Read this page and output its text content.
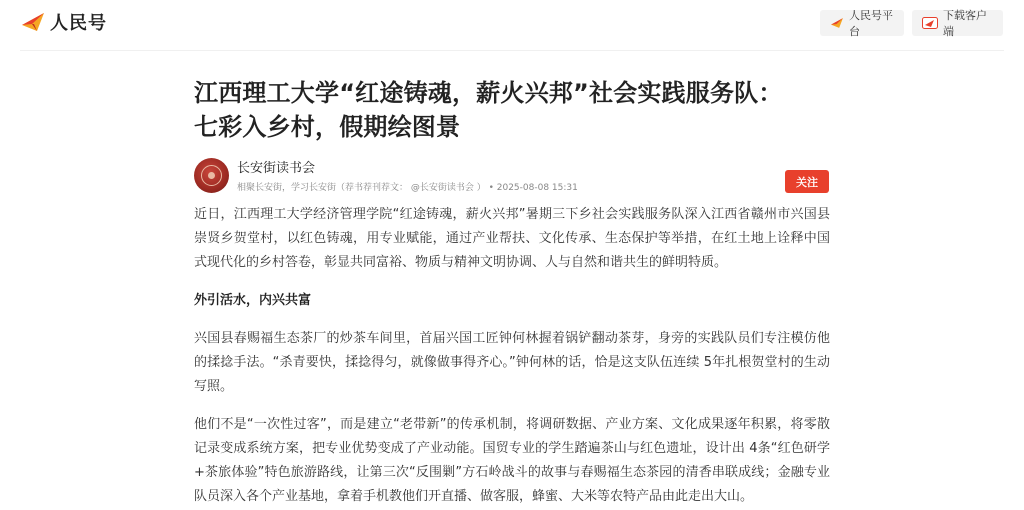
人民号	人民号平台
下载客户端
江西理工大学“红途铸魂，薪火兴邦”社会实践服务队：
七彩入乡村，假期绘图景
长安街读书会
相聚长安街，学习长安街（荐书荐刊荐文： @长安街读书会 ） • 2025-08-08 15:31	关注

近日，江西理工大学经济管理学院“红途铸魂，薪火兴邦”暑期三下乡社会实践服务队深入江西省赣州市兴国县崇贤乡贺堂村，以红色铸魂，用专业赋能，通过产业帮扶、文化传承、生态保护等举措，在红土地上诠释中国式现代化的乡村答卷，彰显共同富裕、物质与精神文明协调、人与自然和谐共生的鲜明特质。

外引活水，内兴共富

兴国县春赐福生态茶厂的炒茶车间里，首届兴国工匠钟何林握着锅铲翻动茶芽，身旁的实践队员们专注模仿他的揉捻手法。“杀青要快，揉捻得匀，就像做事得齐心。”钟何林的话，恰是这支队伍连续 5年扎根贺堂村的生动写照。

他们不是“一次性过客”，而是建立“老带新”的传承机制，将调研数据、产业方案、文化成果逐年积累，将零散记录变成系统方案，把专业优势变成了产业动能。国贸专业的学生踏遍茶山与红色遗址，设计出 4条“红色研学+茶旅体验”特色旅游路线，让第三次“反围剿”方石岭战斗的故事与春赐福生态茶园的清香串联成线；金融专业队员深入各个产业基地，拿着手机教他们开直播、做客服，蜂蜜、大米等农特产品由此走出大山。
